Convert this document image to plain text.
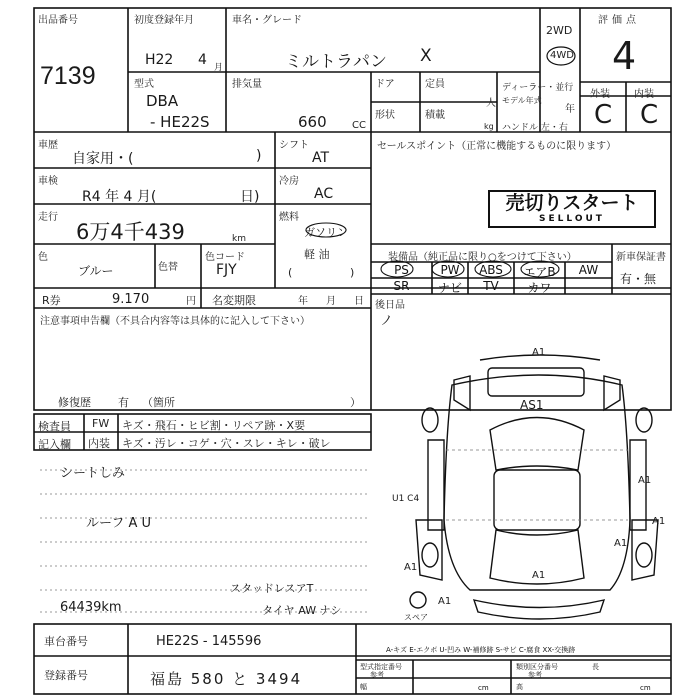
出品番号
7139
初度登録年月
H22 4 月
車名・グレード
ミルトラパン X
2WD
4WD
評価点
4
外装 内装
C C
型式
DBA
- HE22S
排気量
660	CC
ドア	定員
人
形状	積載
kg
ディーラー・並行
モデル年式
年
ハンドル 左・右
車歴
自家用・(	)
シフト
AT
セールスポイント（正常に機能するものに限ります）
車検
R4 年 4 月(	日)
冷房
AC	売切りスタート
SELLOUT
走行
6万4千439	km
燃料
ガソリン
軽 油
(	)
色
ブルー	色替
色コード
FJY
装備品（純正品に限り○をつけて下さい）	新車保証書
有・無
PS	PW	ABS	エアB	AW
SR	ナビ	TV	カワ
後日品
ノ
R券	9.170	円 名変期限	年 月 日
注意事項申告欄（不具合内容等は具体的に記入して下さい）
修復歴 有 （箇所	）
検査員
記入欄
FW キズ・飛石・ヒビ割・リペア跡・X要
内装 キズ・汚レ・コゲ・穴・スレ・キレ・破レ
シートしみ
ルーフ A U
64439km
スタッドレスアT
タイヤ AW ナシ
A1
AS1
A1
A1
U1 C4
A1
A1
A1
A1
スペア
車台番号	HE22S - 145596
登録番号	福島 580 と 3494
A-キズ E-エクボ U-凹み W-補修跡 S-サビ C-腐食 XX-交換跡
型式指定番号
参考
類別区分番号
参考
長
幅	高
cm	cm
